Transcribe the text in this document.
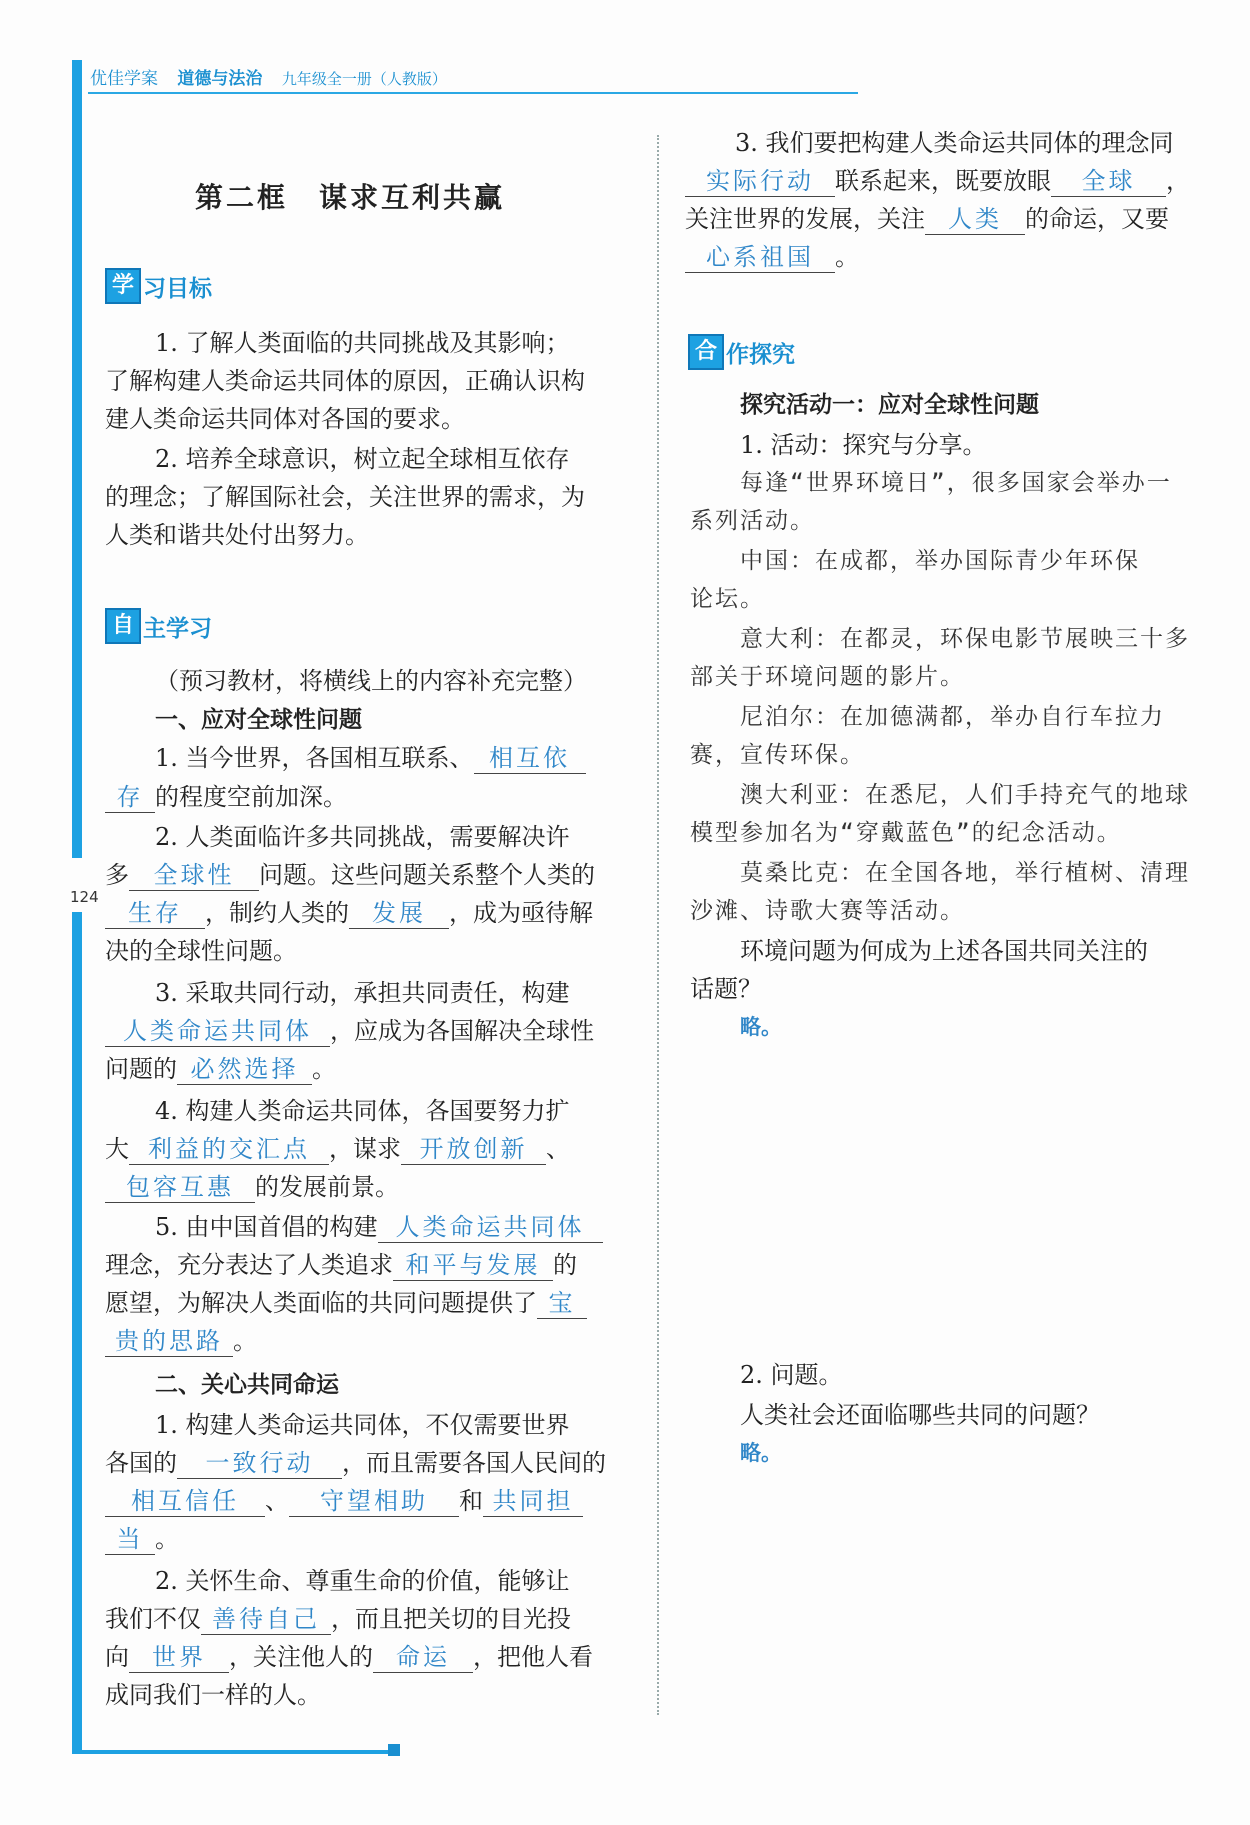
优佳学案 道德与法治 九年级全一册（人教版）
124
第二框　谋求互利共赢
学 习目标
1. 了解人类面临的共同挑战及其影响；
了解构建人类命运共同体的原因，正确认识构
建人类命运共同体对各国的要求。
2. 培养全球意识，树立起全球相互依存
的理念；了解国际社会，关注世界的需求，为
人类和谐共处付出努力。
自 主学习
（预习教材，将横线上的内容补充完整）
一、应对全球性问题
1. 当今世界，各国相互联系、 相互依
存 的程度空前加深。
2. 人类面临许多共同挑战，需要解决许
多 全球性 问题。这些问题关系整个人类的
生存 ，制约人类的 发展 ，成为亟待解
决的全球性问题。
3. 采取共同行动，承担共同责任，构建
人类命运共同体 ，应成为各国解决全球性
问题的 必然选择 。
4. 构建人类命运共同体，各国要努力扩
大 利益的交汇点 ，谋求 开放创新 、
包容互惠 的发展前景。
5. 由中国首倡的构建 人类命运共同体
理念，充分表达了人类追求 和平与发展 的
愿望，为解决人类面临的共同问题提供了 宝
贵的思路 。
二、关心共同命运
1. 构建人类命运共同体，不仅需要世界
各国的 一致行动 ，而且需要各国人民间的
相互信任 、 守望相助 和 共同担
当 。
2. 关怀生命、尊重生命的价值，能够让
我们不仅 善待自己 ，而且把关切的目光投
向 世界 ，关注他人的 命运 ，把他人看
成同我们一样的人。
3. 我们要把构建人类命运共同体的理念同
实际行动 联系起来，既要放眼 全球 ，
关注世界的发展，关注 人类 的命运，又要
心系祖国 。
合 作探究
探究活动一：应对全球性问题
1. 活动：探究与分享。
每逢“世界环境日”，很多国家会举办一
系列活动。
中国：在成都，举办国际青少年环保
论坛。
意大利：在都灵，环保电影节展映三十多
部关于环境问题的影片。
尼泊尔：在加德满都，举办自行车拉力
赛，宣传环保。
澳大利亚：在悉尼，人们手持充气的地球
模型参加名为“穿戴蓝色”的纪念活动。
莫桑比克：在全国各地，举行植树、清理
沙滩、诗歌大赛等活动。
环境问题为何成为上述各国共同关注的
话题？
略。
2. 问题。
人类社会还面临哪些共同的问题？
略。
